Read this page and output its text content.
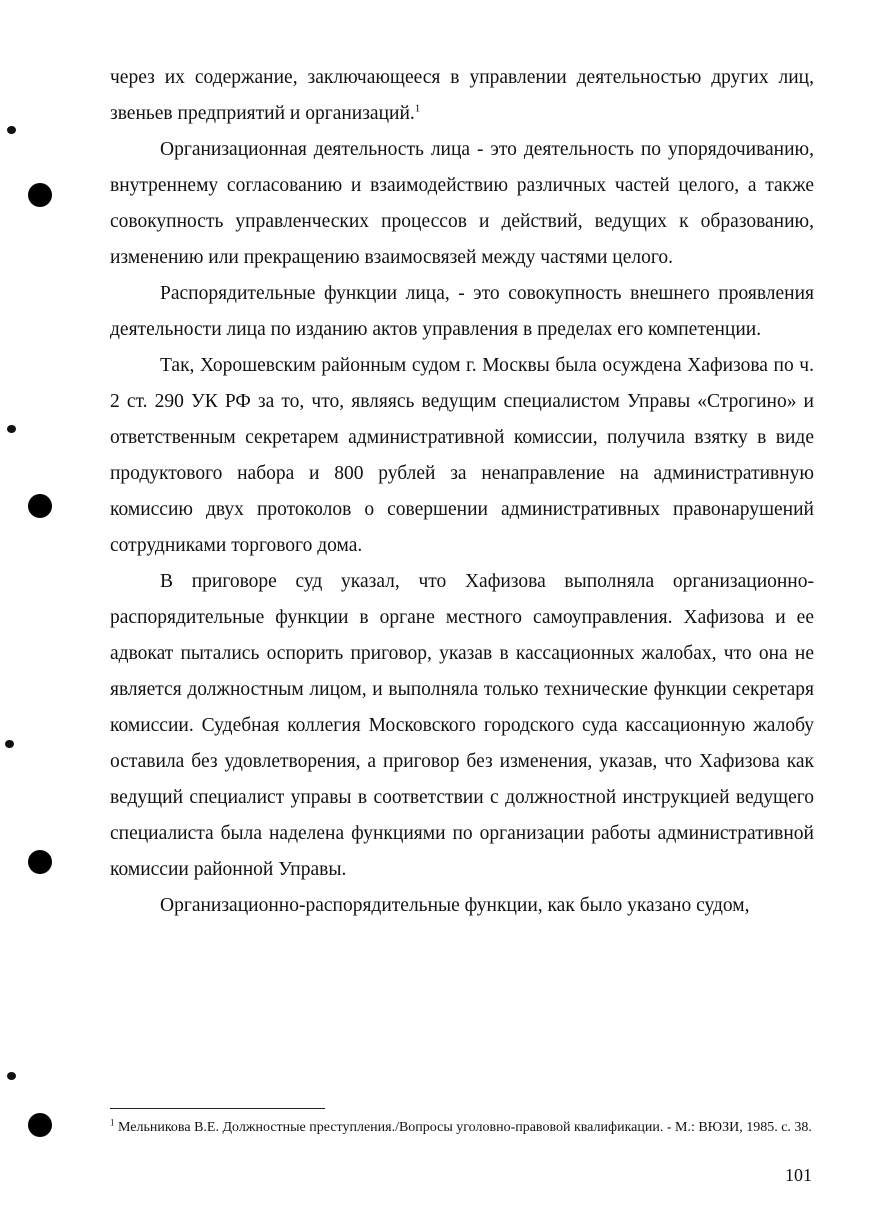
через их содержание, заключающееся в управлении деятельностью других лиц, звеньев предприятий и организаций.$^1$

Организационная деятельность лица - это деятельность по упорядочиванию, внутреннему согласованию и взаимодействию различных частей целого, а также совокупность управленческих процессов и действий, ведущих к образованию, изменению или прекращению взаимосвязей между частями целого.

Распорядительные функции лица, - это совокупность внешнего проявления деятельности лица по изданию актов управления в пределах его компетенции.

Так, Хорошевским районным судом г. Москвы была осуждена Хафизова по ч. 2 ст. 290 УК РФ за то, что, являясь ведущим специалистом Управы «Строгино» и ответственным секретарем административной комиссии, получила взятку в виде продуктового набора и 800 рублей за ненаправление на административную комиссию двух протоколов о совершении административных правонарушений сотрудниками торгового дома.

В приговоре суд указал, что Хафизова выполняла организационно-распорядительные функции в органе местного самоуправления. Хафизова и ее адвокат пытались оспорить приговор, указав в кассационных жалобах, что она не является должностным лицом, и выполняла только технические функции секретаря комиссии. Судебная коллегия Московского городского суда кассационную жалобу оставила без удовлетворения, а приговор без изменения, указав, что Хафизова как ведущий специалист управы в соответствии с должностной инструкцией ведущего специалиста была наделена функциями по организации работы административной комиссии районной Управы.

Организационно-распорядительные функции, как было указано судом,

$^1$ Мельникова В.Е. Должностные преступления./Вопросы уголовно-правовой квалификации. - М.: ВЮЗИ, 1985. с. 38.

101
